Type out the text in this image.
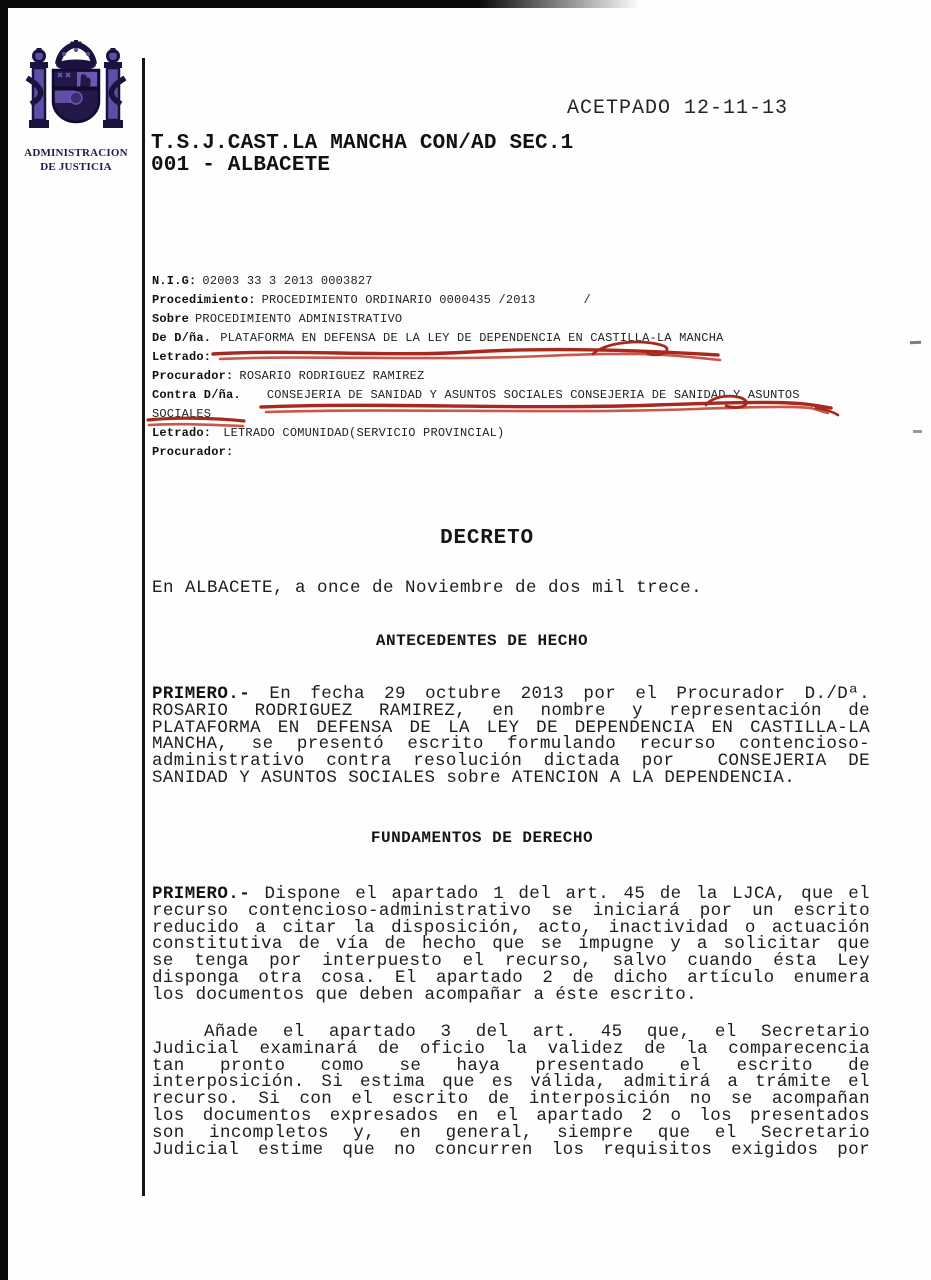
ADMINISTRACION
DE JUSTICIA
ACETPADO 12-11-13
T.S.J.CAST.LA MANCHA CON/AD SEC.1
001 - ALBACETE
N.I.G: 02003 33 3 2013 0003827
Procedimiento: PROCEDIMIENTO ORDINARIO 0000435 /2013	/
Sobre PROCEDIMIENTO ADMINISTRATIVO
De D/ña. PLATAFORMA EN DEFENSA DE LA LEY DE DEPENDENCIA EN CASTILLA-LA MANCHA
Letrado:
Procurador: ROSARIO RODRIGUEZ RAMIREZ
Contra D/ña. CONSEJERIA DE SANIDAD Y ASUNTOS SOCIALES CONSEJERIA DE SANIDAD Y ASUNTOS
SOCIALES
Letrado: LETRADO COMUNIDAD(SERVICIO PROVINCIAL)
Procurador:
DECRETO
En ALBACETE, a once de Noviembre de dos mil trece.
ANTECEDENTES DE HECHO
PRIMERO.- En fecha 29 octubre 2013 por el Procurador D./Dª.
ROSARIO RODRIGUEZ RAMIREZ, en nombre y representación de
PLATAFORMA EN DEFENSA DE LA LEY DE DEPENDENCIA EN CASTILLA-LA
MANCHA, se presentó escrito formulando recurso contencioso-
administrativo contra resolución dictada por  CONSEJERIA DE
SANIDAD Y ASUNTOS SOCIALES sobre ATENCION A LA DEPENDENCIA.
FUNDAMENTOS DE DERECHO
PRIMERO.- Dispone el apartado 1 del art. 45 de la LJCA, que el
recurso contencioso-administrativo se iniciará por un escrito
reducido a citar la disposición, acto, inactividad o actuación
constitutiva de vía de hecho que se impugne y a solicitar que
se tenga por interpuesto el recurso, salvo cuando ésta Ley
disponga otra cosa. El apartado 2 de dicho artículo enumera
los documentos que deben acompañar a éste escrito.
Añade el apartado 3 del art. 45 que, el Secretario
Judicial examinará de oficio la validez de la comparecencia
tan pronto como se haya presentado el escrito de
interposición. Si estima que es válida, admitirá a trámite el
recurso. Si con el escrito de interposición no se acompañan
los documentos expresados en el apartado 2 o los presentados
son incompletos y, en general, siempre que el Secretario
Judicial estime que no concurren los requisitos exigidos por
